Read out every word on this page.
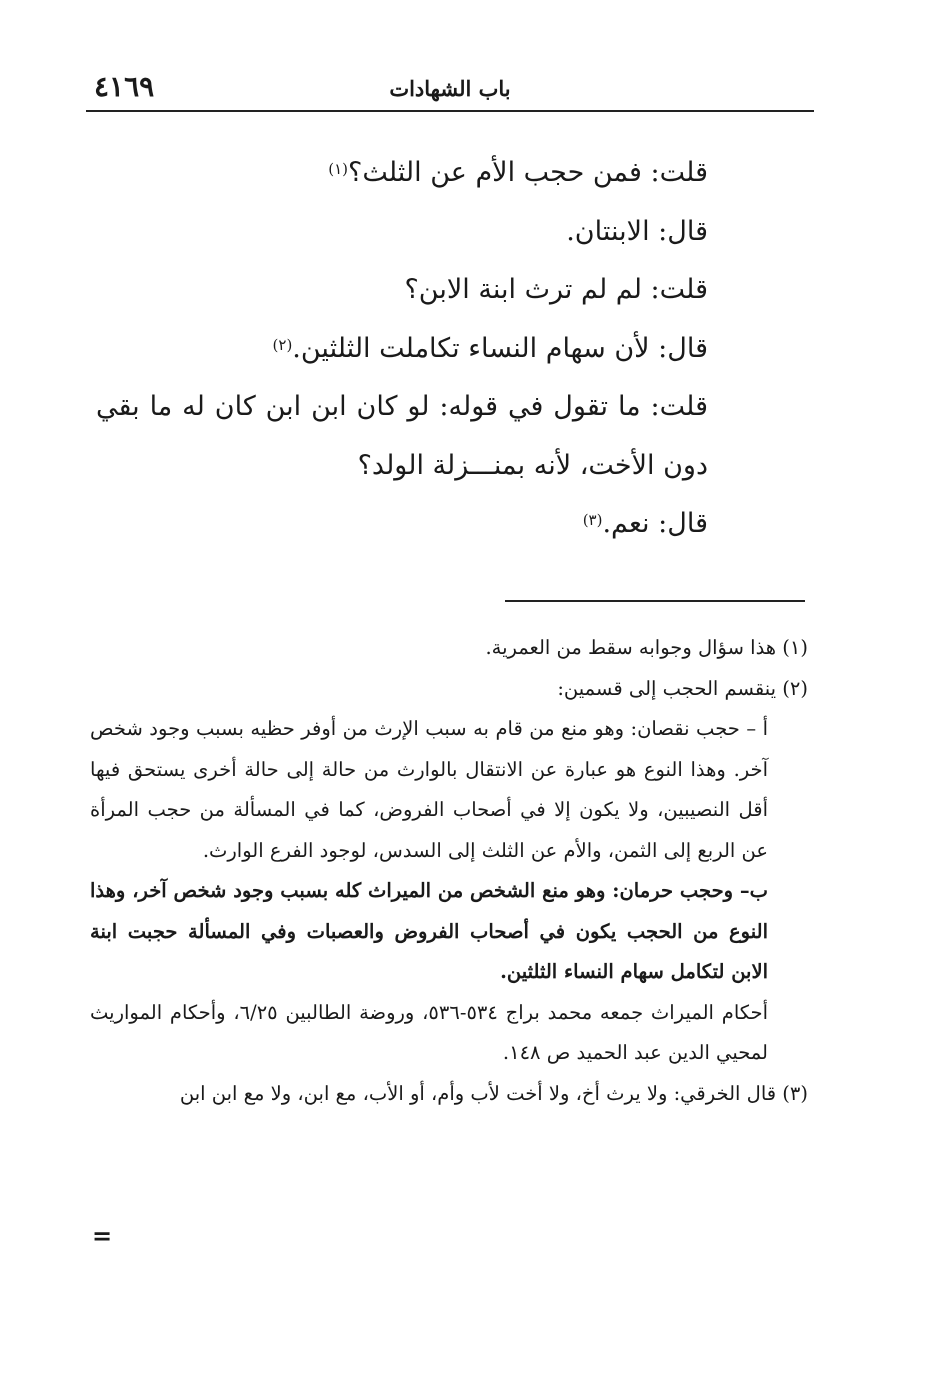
٤١٦٩	باب الشهادات
قلت: فمن حجب الأم عن الثلث؟$^{(١)}$
قال: الابنتان.
قلت: لم لم ترث ابنة الابن؟
قال: لأن سهام النساء تكاملت الثلثين.$^{(٢)}$
قلت: ما تقول في قوله: لو كان ابن ابن كان له ما بقي دون الأخت، لأنه بمنـــزلة الولد؟
قال: نعم.$^{(٣)}$

(١) هذا سؤال وجوابه سقط من العمرية.

(٢) ينقسم الحجب إلى قسمين:

أ – حجب نقصان: وهو منع من قام به سبب الإرث من أوفر حظيه بسبب وجود شخص آخر. وهذا النوع هو عبارة عن الانتقال بالوارث من حالة إلى حالة أخرى يستحق فيها أقل النصيبين، ولا يكون إلا في أصحاب الفروض، كما في المسألة من حجب المرأة عن الربع إلى الثمن، والأم عن الثلث إلى السدس، لوجود الفرع الوارث.

ب– وحجب حرمان: وهو منع الشخص من الميراث كله بسبب وجود شخص آخر، وهذا النوع من الحجب يكون في أصحاب الفروض والعصبات وفي المسألة حجبت ابنة الابن لتكامل سهام النساء الثلثين.

أحكام الميراث جمعه محمد براج ٥٣٤-٥٣٦، وروضة الطالبين ٦/٢٥، وأحكام المواريث لمحيي الدين عبد الحميد ص ١٤٨.

(٣) قال الخرقي: ولا يرث أخ، ولا أخت لأب وأم، أو الأب، مع ابن، ولا مع ابن ابن

=
